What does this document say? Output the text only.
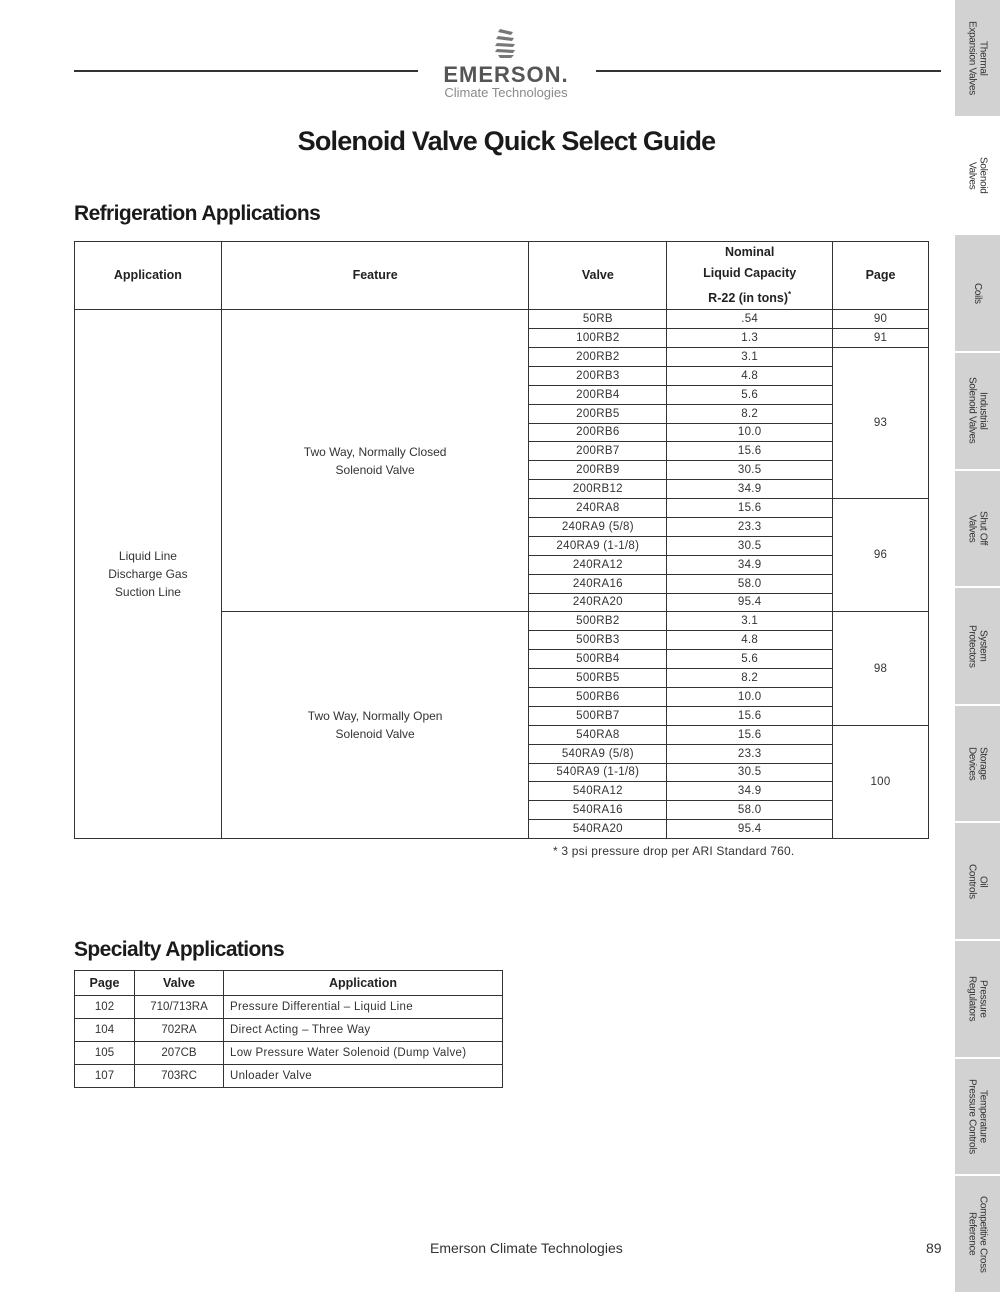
EMERSON.
Climate Technologies
Solenoid Valve Quick Select Guide
Refrigeration Applications
Application	Feature	Valve	Nominal
Liquid Capacity
R-22 (in tons)*	Page
Liquid Line
Discharge Gas
Suction Line	Two Way, Normally Closed
Solenoid Valve	50RB	.54	90
		100RB2	1.3	91
		200RB2	3.1	93
		200RB3	4.8	
		200RB4	5.6	
		200RB5	8.2	
		200RB6	10.0	
		200RB7	15.6	
		200RB9	30.5	
		200RB12	34.9	
		240RA8	15.6	96
		240RA9 (5/8)	23.3	
		240RA9 (1-1/8)	30.5	
		240RA12	34.9	
		240RA16	58.0	
		240RA20	95.4	
	Two Way, Normally Open
Solenoid Valve	500RB2	3.1	98
		500RB3	4.8	
		500RB4	5.6	
		500RB5	8.2	
		500RB6	10.0	
		500RB7	15.6	
		540RA8	15.6	100
		540RA9 (5/8)	23.3	
		540RA9 (1-1/8)	30.5	
		540RA12	34.9	
		540RA16	58.0	
		540RA20	95.4	
* 3 psi pressure drop per ARI Standard 760.
Specialty Applications
Page	Valve	Application
102	710/713RA	Pressure Differential – Liquid Line
104	702RA	Direct Acting – Three Way
105	207CB	Low Pressure Water Solenoid (Dump Valve)
107	703RC	Unloader Valve
Emerson Climate Technologies	89
Thermal
Expansion Valves
Solenoid
Valves
Coils
Industrial
Solenoid Valves
Shut Off
Valves
System
Protectors
Storage
Devices
Oil
Controls
Pressure
Regulators
Temperature
Pressure Controls
Competitive Cross
Reference
